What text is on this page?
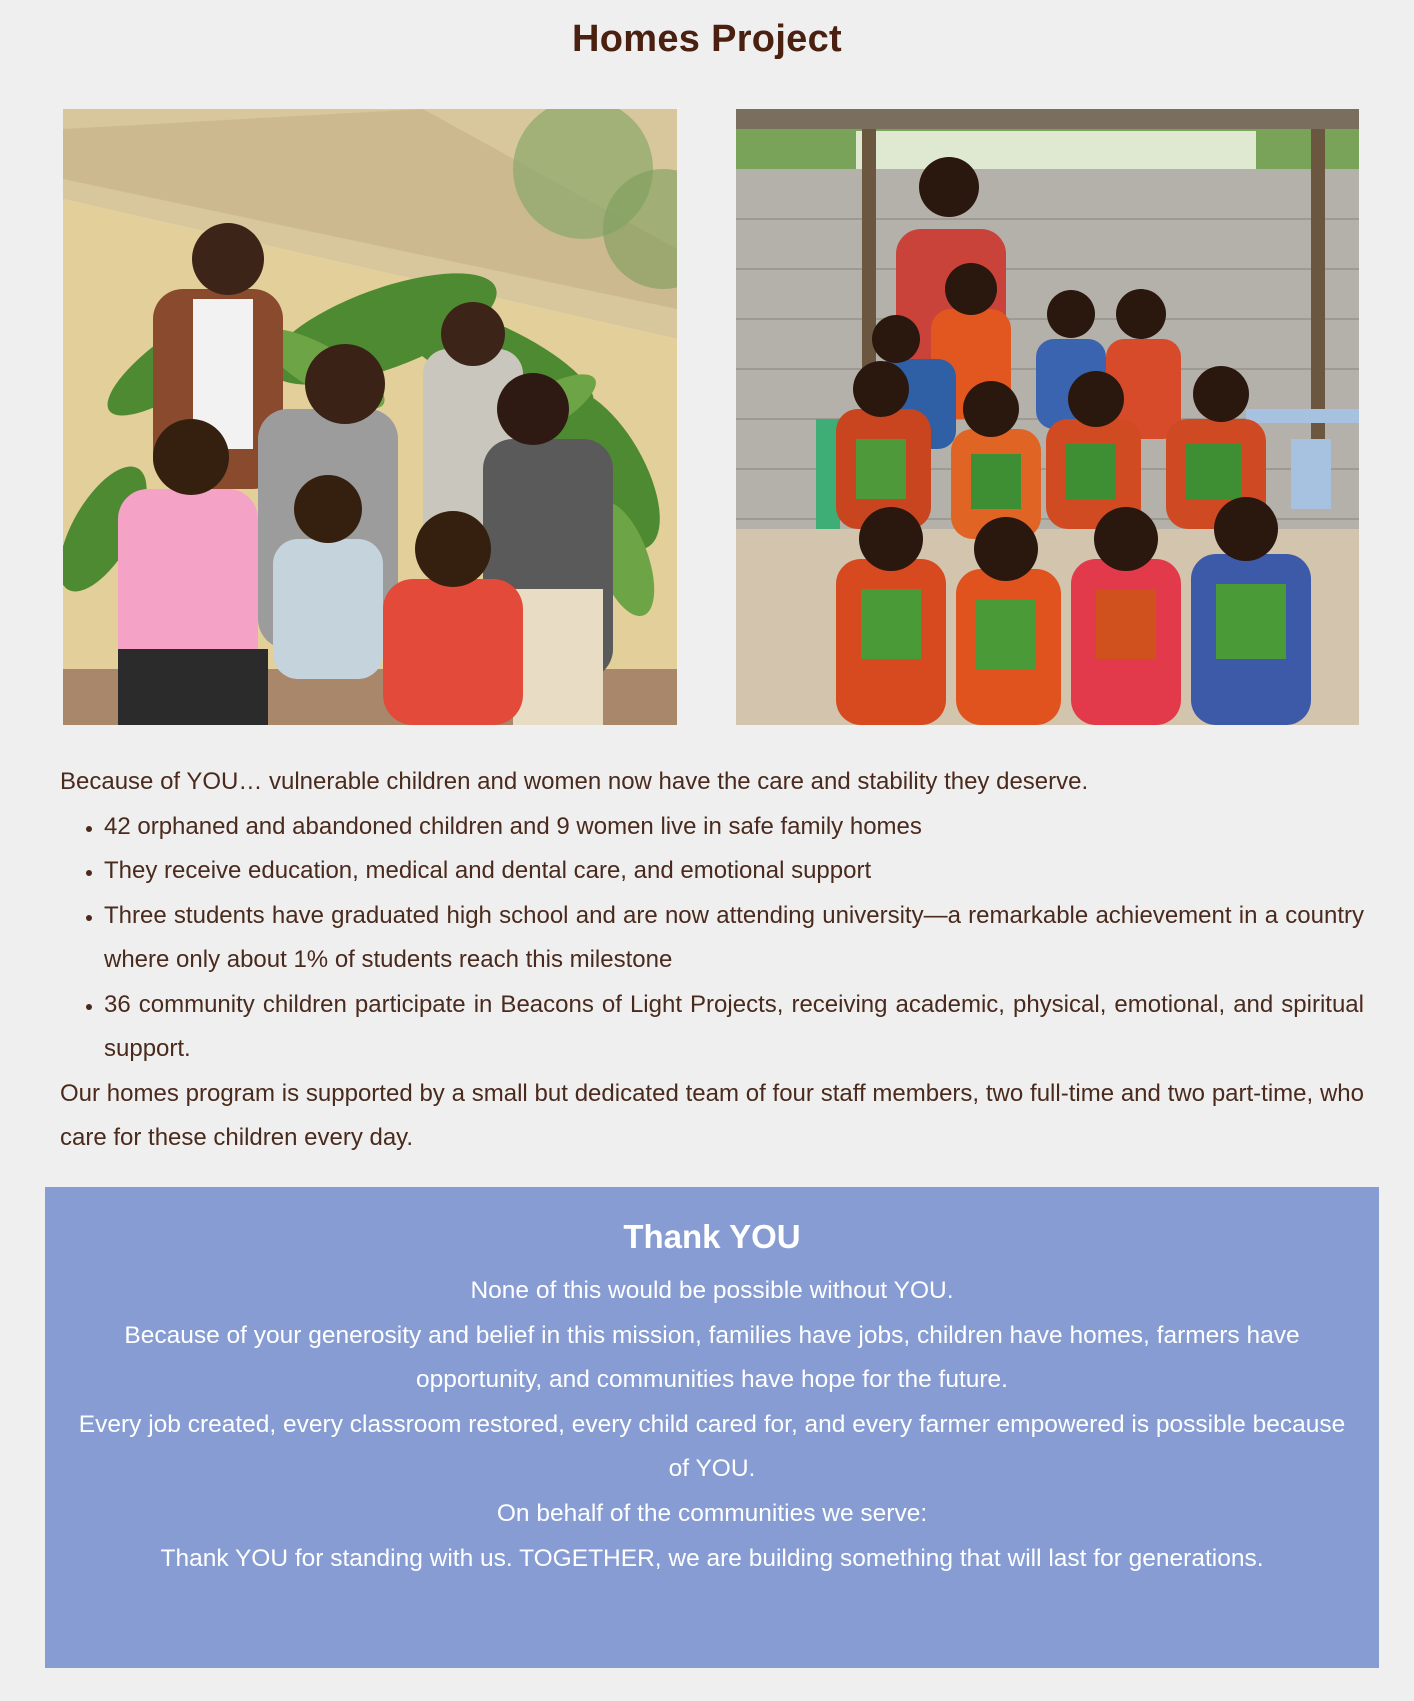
Homes Project

Because of YOU… vulnerable children and women now have the care and stability they deserve.

• 42 orphaned and abandoned children and 9 women live in safe family homes
• They receive education, medical and dental care, and emotional support
• Three students have graduated high school and are now attending university—a remarkable achievement in a country where only about 1% of students reach this milestone
• 36 community children participate in Beacons of Light Projects, receiving academic, physical, emotional, and spiritual support.

Our homes program is supported by a small but dedicated team of four staff members, two full-time and two part-time, who care for these children every day.

Thank YOU

None of this would be possible without YOU.

Because of your generosity and belief in this mission, families have jobs, children have homes, farmers have opportunity, and communities have hope for the future.

Every job created, every classroom restored, every child cared for, and every farmer empowered is possible because of YOU.

On behalf of the communities we serve:

Thank YOU for standing with us. TOGETHER, we are building something that will last for generations.
